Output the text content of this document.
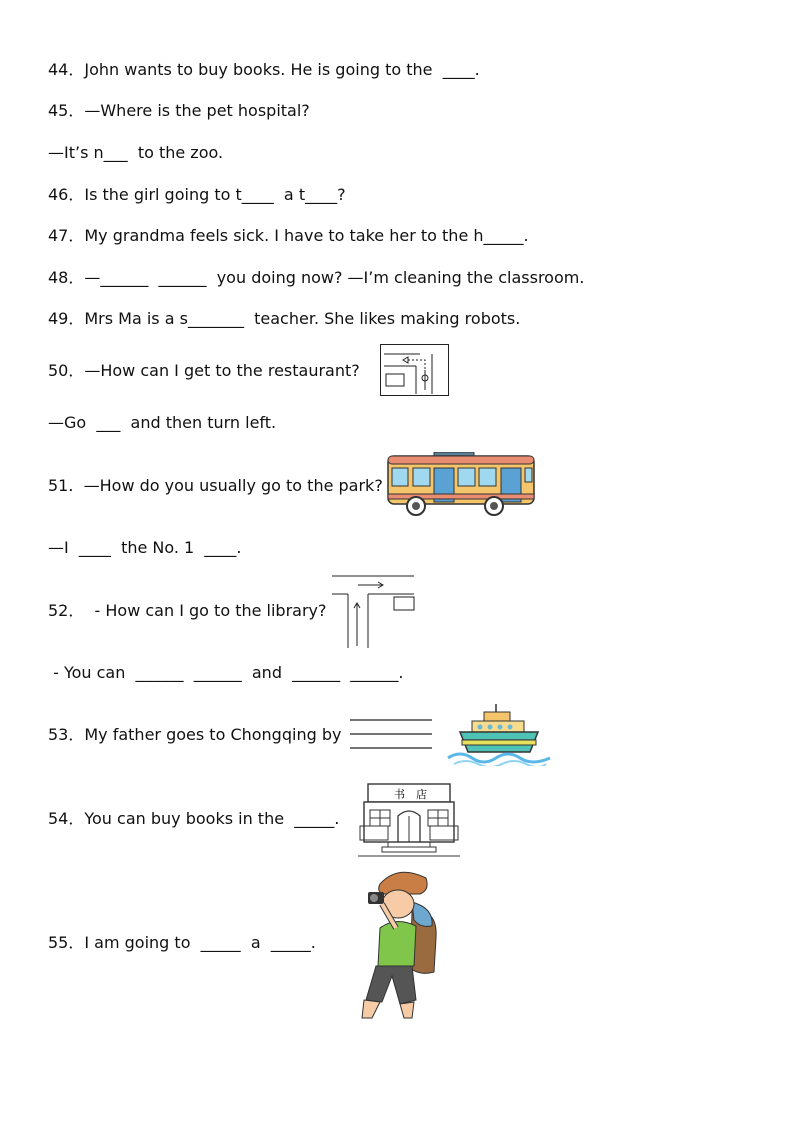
44．John wants to buy books. He is going to the  ____.
45．—Where is the pet hospital?
—It’s n___  to the zoo.
46．Is the girl going to t____  a t____?
47．My grandma feels sick. I have to take her to the h_____.
48．—______  ______  you doing now? —I’m cleaning the classroom.
49．Mrs Ma is a s_______  teacher. She likes making robots.
50．—How can I get to the restaurant?
—Go  ___  and then turn left.
51.  —How do you usually go to the park?
—I  ____  the No. 1  ____.
52．  - How can I go to the library?
- You can  ______  ______  and  ______  ______.
53．My father goes to Chongqing by
54．You can buy books in the  _____.
55．I am going to  _____  a  _____.
书 店
